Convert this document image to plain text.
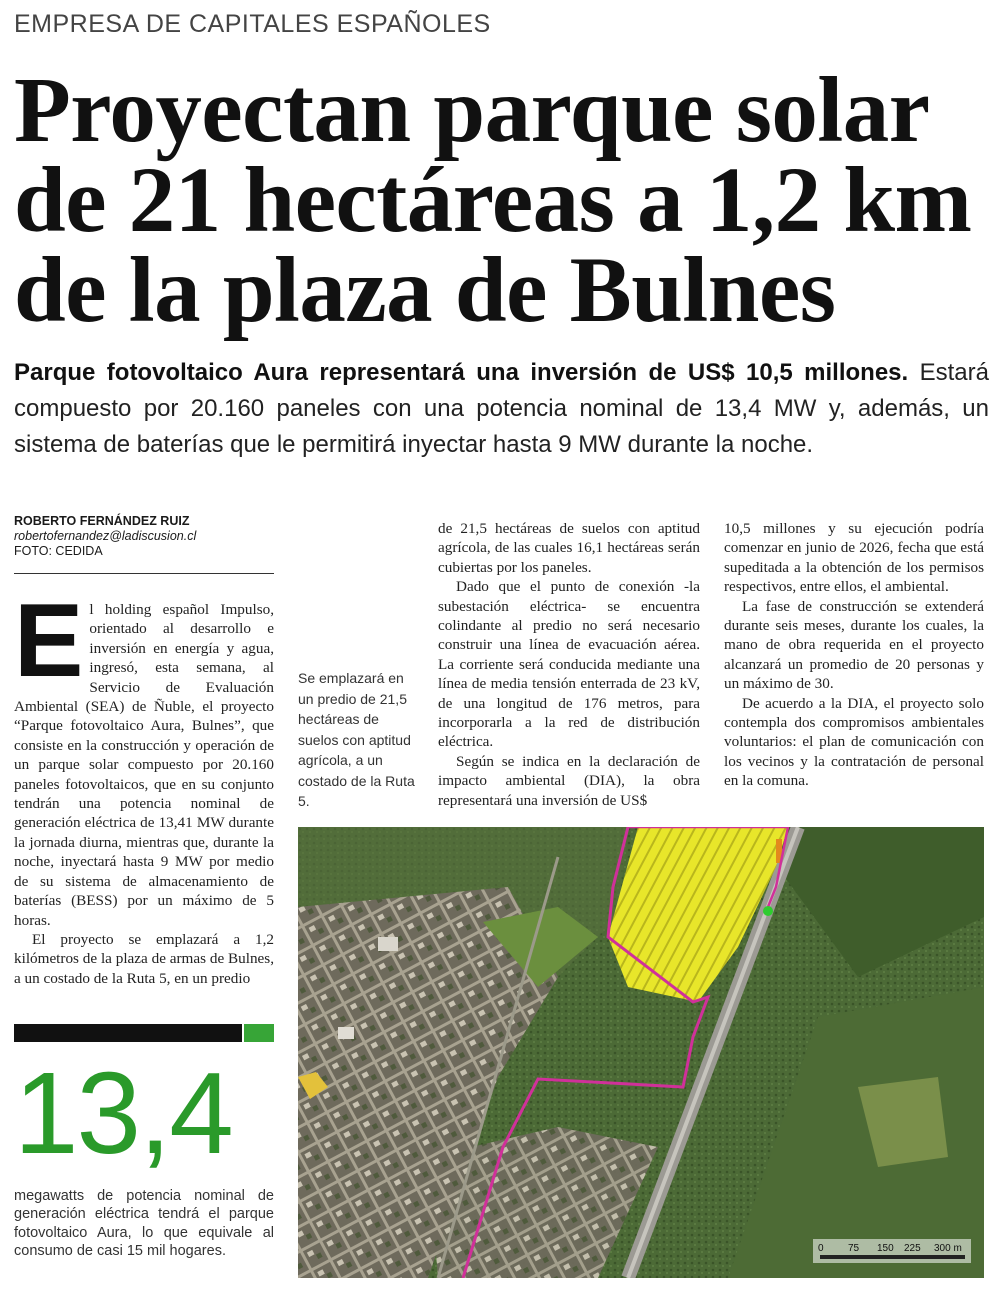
EMPRESA DE CAPITALES ESPAÑOLES
Proyectan parque solar
de 21 hectáreas a 1,2 km
de la plaza de Bulnes

Parque fotovoltaico Aura representará una inversión de US$ 10,5 millones. Estará compuesto por 20.160 paneles con una potencia nominal de 13,4 MW y, además, un sistema de baterías que le permitirá inyectar hasta 9 MW durante la noche.

ROBERTO FERNÁNDEZ RUIZ
robertofernandez@ladiscusion.cl
FOTO: CEDIDA
E l holding español Impulso, orientado al desarrollo e inversión en energía y agua, ingresó, esta semana, al Servicio de Evaluación Ambiental (SEA) de Ñuble, el proyecto “Parque fotovoltaico Aura, Bulnes”, que consiste en la construcción y operación de un parque solar compuesto por 20.160 paneles fotovoltaicos, que en su conjunto tendrán una potencia nominal de generación eléctrica de 13,41 MW durante la jornada diurna, mientras que, durante la noche, inyectará hasta 9 MW por medio de su sistema de almacenamiento de baterías (BESS) por un máximo de 5 horas.

El proyecto se emplazará a 1,2 kilómetros de la plaza de armas de Bulnes, a un costado de la Ruta 5, en un predio

de 21,5 hectáreas de suelos con aptitud agrícola, de las cuales 16,1 hectáreas serán cubiertas por los paneles.

Dado que el punto de conexión -la subestación eléctrica- se encuentra colindante al predio no será necesario construir una línea de evacuación aérea. La corriente será conducida mediante una línea de media tensión enterrada de 23 kV, de una longitud de 176 metros, para incorporarla a la red de distribución eléctrica.

Según se indica en la declaración de impacto ambiental (DIA), la obra representará una inversión de US$

10,5 millones y su ejecución podría comenzar en junio de 2026, fecha que está supeditada a la obtención de los permisos respectivos, entre ellos, el ambiental.

La fase de construcción se extenderá durante seis meses, durante los cuales, la mano de obra requerida en el proyecto alcanzará un promedio de 20 personas y un máximo de 30.

De acuerdo a la DIA, el proyecto solo contempla dos compromisos ambientales voluntarios: el plan de comunicación con los vecinos y la contratación de personal en la comuna.

Se emplazará en un predio de 21,5 hectáreas de suelos con aptitud agrícola, a un costado de la Ruta 5.
13,4
megawatts de potencia nominal de generación eléctrica tendrá el parque fotovoltaico Aura, lo que equivale al consumo de casi 15 mil hogares.	0 75 150 225 300 m
